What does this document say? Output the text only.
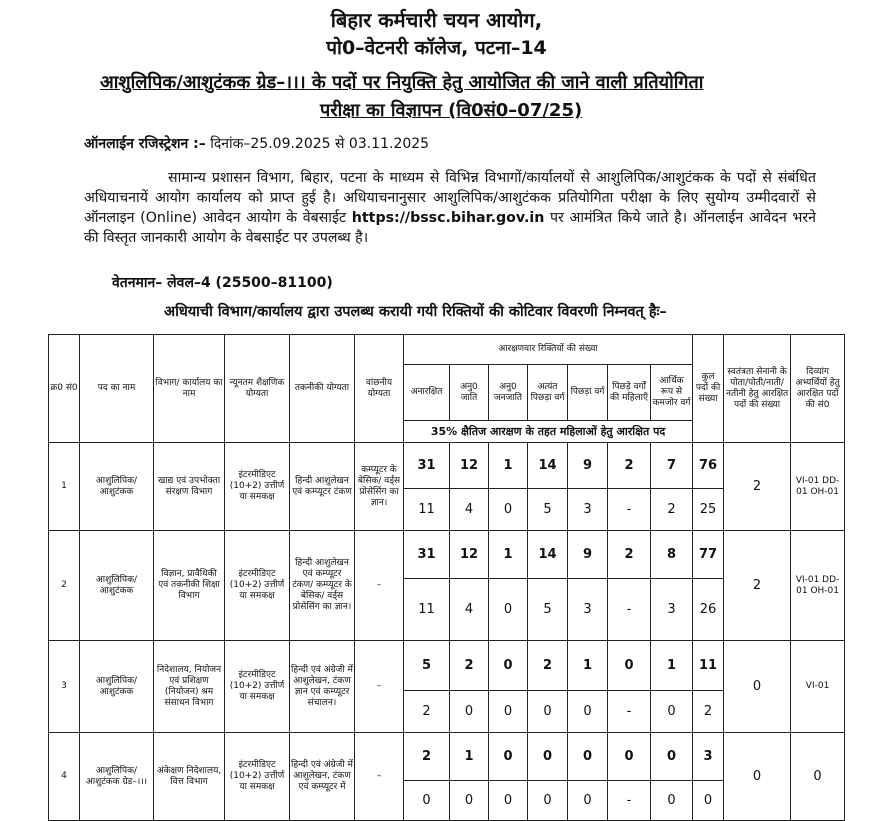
बिहार कर्मचारी चयन आयोग,
पो0–वेटनरी कॉलेज, पटना–14
आशुलिपिक/आशुटंकक ग्रेड–।।। के पदों पर नियुक्ति हेतु आयोजित की जाने वाली प्रतियोगिता
परीक्षा का विज्ञापन (वि0सं0–07/25)
ऑनलाईन रजिस्ट्रेशन :– दिनांक–25.09.2025 से 03.11.2025
सामान्य प्रशासन विभाग, बिहार, पटना के माध्यम से विभिन्न विभागों/कार्यालयों से आशुलिपिक/आशुटंकक के पदों से संबंधित अधियाचनायें आयोग कार्यालय को प्राप्त हुई है। अधियाचनानुसार आशुलिपिक/आशुटंकक प्रतियोगिता परीक्षा के लिए सुयोग्य उम्मीदवारों से ऑनलाइन (Online) आवेदन आयोग के वेबसाईट https://bssc.bihar.gov.in पर आमंत्रित किये जाते है। ऑनलाईन आवेदन भरने की विस्तृत जानकारी आयोग के वेबसाईट पर उपलब्ध है।
वेतनमान– लेवल–4 (25500–81100)
अधियाची विभाग/कार्यालय द्वारा उपलब्ध करायी गयी रिक्तियों की कोटिवार विवरणी निम्नवत् हैः–
क्र0 सं0	पद का नाम	विभाग/ कार्यालय का नाम	न्यूनतम शैक्षणिक योग्यता	तकनीकी योग्यता	वांछनीय योग्यता	आरक्षणवार रिक्तियों की संख्या							कुल पदों की संख्या	स्वतंत्रता सेनानी के पोता/पोती/नाती/नतीनी हेतु आरक्षित पदों की संख्या	दिव्यांग अभ्यर्थियों हेतु आरक्षित पदों की सं0
						अनारक्षित	अनु0 जाति	अनु0 जनजाति	अत्यंत पिछड़ा वर्ग	पिछड़ा वर्ग	पिछड़े वर्गों की महिलाएँ	आर्थिक रूप से कमजोर वर्ग			
						35% क्षैतिज आरक्षण के तहत महिलाओं हेतु आरक्षित पद									
1	आशुलिपिक/ आशुटंकक	खाद्य एवं उपभोक्ता संरक्षण विभाग	इंटरमीडिएट (10+2) उत्तीर्ण या समकक्ष	हिन्दी आशुलेखन एवं कम्प्यूटर टंकण	कम्प्यूटर के बेसिक/ वर्ड्स प्रोसेसिंग का ज्ञान।	31	12	1	14	9	2	7	76	2	VI-01 DD-01 OH-01
						11	4	0	5	3	-	2	25		
2	आशुलिपिक/ आशुटंकक	विज्ञान, प्रावैधिकी एवं तकनीकी शिक्षा विभाग	इंटरमीडिएट (10+2) उत्तीर्ण या समकक्ष	हिन्दी आशुलेखन एवं कम्प्यूटर टंकण/ कम्प्यूटर के बेसिक/ वर्ड्स प्रोसेसिंग का ज्ञान।	–	31	12	1	14	9	2	8	77	2	VI-01 DD-01 OH-01
						11	4	0	5	3	-	3	26		
3	आशुलिपिक/ आशुटंकक	निदेशालय, नियोजन एवं प्रशिक्षण (नियोजन) श्रम संसाधन विभाग	इंटरमीडिएट (10+2) उत्तीर्ण या समकक्ष	हिन्दी एवं अंग्रेजी में आशुलेखन, टंकण ज्ञान एवं कम्प्यूटर संचालन।	–	5	2	0	2	1	0	1	11	0	VI-01
						2	0	0	0	0	-	0	2		
4	आशुलिपिक/ आशुटंकक ग्रेड–।।।	अंकेक्षण निदेशालय, वित्त विभाग	इंटरमीडिएट (10+2) उत्तीर्ण या समकक्ष	हिन्दी एवं अंग्रेजी में आशुलेखन, टंकण एवं कम्प्यूटर में	–	2	1	0	0	0	0	0	3	0	0
						0	0	0	0	0	-	0	0		
